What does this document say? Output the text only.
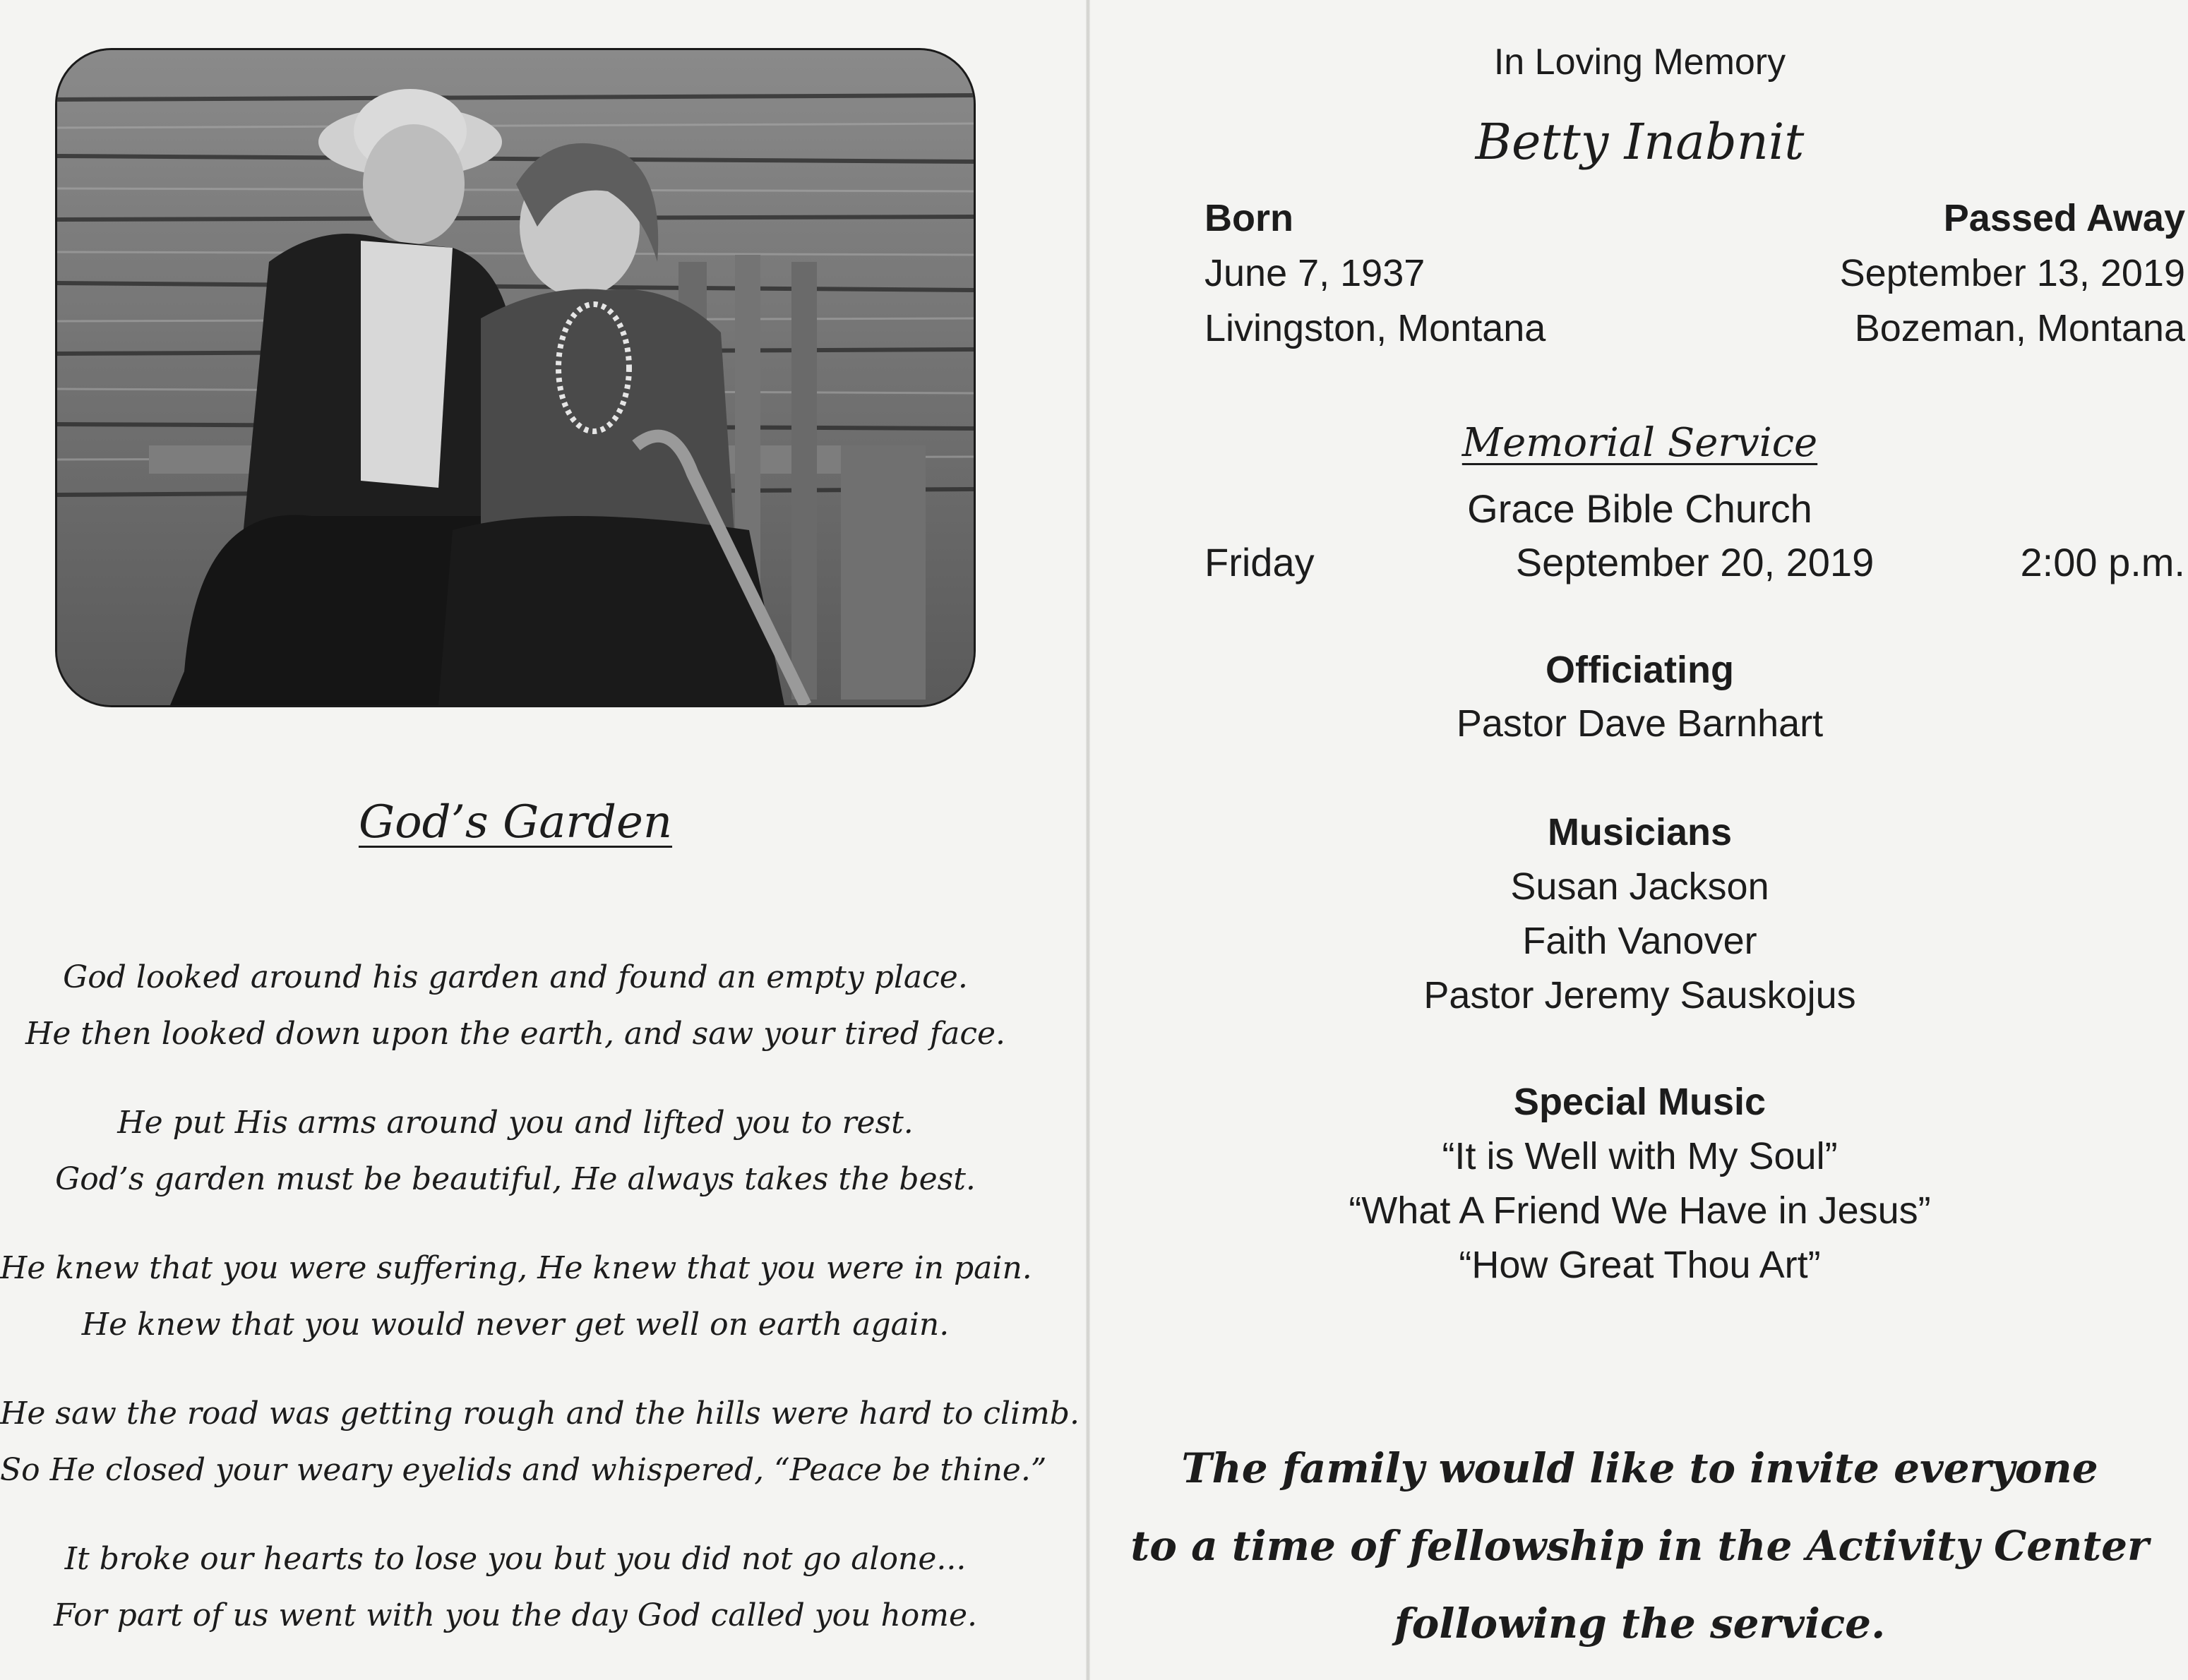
God’s Garden
God looked around his garden and found an empty place.
He then looked down upon the earth, and saw your tired face.
He put His arms around you and lifted you to rest.
God’s garden must be beautiful, He always takes the best.
He knew that you were suffering, He knew that you were in pain.
He knew that you would never get well on earth again.
He saw the road was getting rough and the hills were hard to climb.
So He closed your weary eyelids and whispered, “Peace be thine.”
It broke our hearts to lose you but you did not go alone...
For part of us went with you the day God called you home.
In Loving Memory
Betty Inabnit
Born
June 7, 1937
Livingston, Montana
Passed Away
September 13, 2019
Bozeman, Montana
Memorial Service
Grace Bible Church
Friday	September 20, 2019	2:00 p.m.
Officiating
Pastor Dave Barnhart
Musicians
Susan Jackson
Faith Vanover
Pastor Jeremy Sauskojus
Special Music
“It is Well with My Soul”
“What A Friend We Have in Jesus”
“How Great Thou Art”
The family would like to invite everyone
to a time of fellowship in the Activity Center
following the service.
